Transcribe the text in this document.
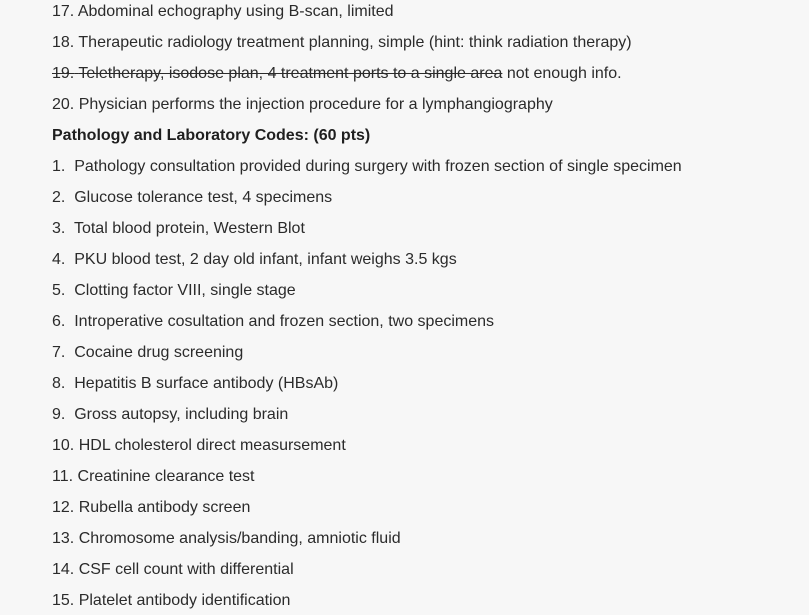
17. Abdominal echography using B-scan, limited
18. Therapeutic radiology treatment planning, simple (hint: think radiation therapy)
19. Teletherapy, isodose plan, 4 treatment ports to a single area not enough info.
20. Physician performs the injection procedure for a lymphangiography
Pathology and Laboratory Codes: (60 pts)
1. Pathology consultation provided during surgery with frozen section of single specimen
2. Glucose tolerance test, 4 specimens
3. Total blood protein, Western Blot
4. PKU blood test, 2 day old infant, infant weighs 3.5 kgs
5. Clotting factor VIII, single stage
6. Introperative cosultation and frozen section, two specimens
7. Cocaine drug screening
8. Hepatitis B surface antibody (HBsAb)
9. Gross autopsy, including brain
10. HDL cholesterol direct measursement
11. Creatinine clearance test
12. Rubella antibody screen
13. Chromosome analysis/banding, amniotic fluid
14. CSF cell count with differential
15. Platelet antibody identification
